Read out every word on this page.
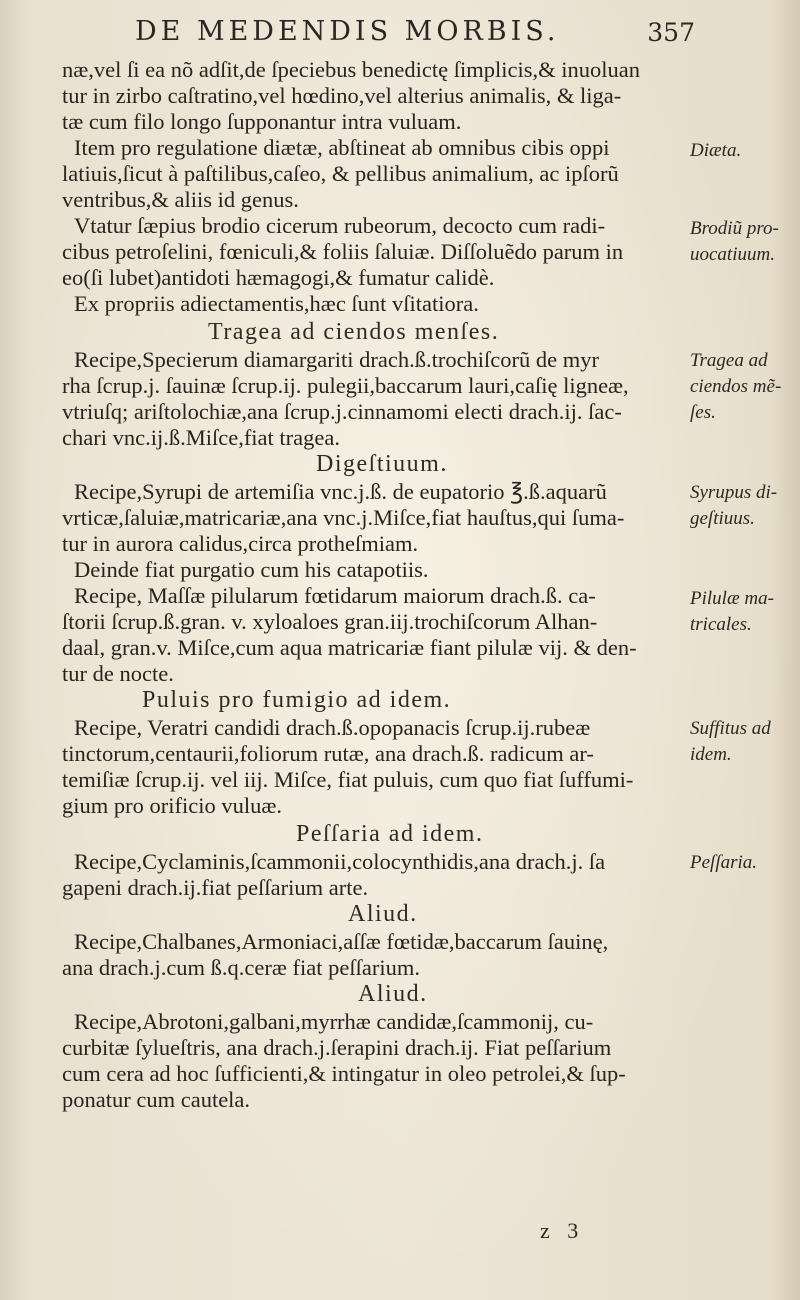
DE MEDENDIS MORBIS.	357
næ,vel ſi ea nõ adſit,de ſpeciebus benedictę ſimplicis,& inuoluan
tur in zirbo caſtratino,vel hœdino,vel alterius animalis, & liga-
tæ cum filo longo ſupponantur intra vuluam.
Item pro regulatione diætæ, abſtineat ab omnibus cibis oppi
latiuis,ſicut à paſtilibus,caſeo, & pellibus animalium, ac ipſorũ
ventribus,& aliis id genus.
Vtatur ſæpius brodio cicerum rubeorum, decocto cum radi-
cibus petroſelini, fœniculi,& foliis ſaluiæ. Diſſoluẽdo parum in
eo(ſi lubet)antidoti hæmagogi,& fumatur calidè.
Ex propriis adiectamentis,hæc ſunt vſitatiora.
Tragea ad ciendos menſes.
Recipe,Specierum diamargariti drach.ß.trochiſcorũ de myr
rha ſcrup.j. ſauinæ ſcrup.ij. pulegii,baccarum lauri,caſię ligneæ,
vtriuſq; ariſtolochiæ,ana ſcrup.j.cinnamomi electi drach.ij. ſac-
chari vnc.ij.ß.Miſce,fiat tragea.
Digeſtiuum.
Recipe,Syrupi de artemiſia vnc.j.ß. de eupatorio ℥.ß.aquarũ
vrticæ,ſaluiæ,matricariæ,ana vnc.j.Miſce,fiat hauſtus,qui ſuma-
tur in aurora calidus,circa protheſmiam.
Deinde fiat purgatio cum his catapotiis.
Recipe, Maſſæ pilularum fœtidarum maiorum drach.ß. ca-
ſtorii ſcrup.ß.gran. v. xyloaloes gran.iij.trochiſcorum Alhan-
daal, gran.v. Miſce,cum aqua matricariæ fiant pilulæ vij. & den-
tur de nocte.
Puluis pro fumigio ad idem.
Recipe, Veratri candidi drach.ß.opopanacis ſcrup.ij.rubeæ
tinctorum,centaurii,foliorum rutæ, ana drach.ß. radicum ar-
temiſiæ ſcrup.ij. vel iij. Miſce, fiat puluis, cum quo fiat ſuffumi-
gium pro orificio vuluæ.
Peſſaria ad idem.
Recipe,Cyclaminis,ſcammonii,colocynthidis,ana drach.j. ſa
gapeni drach.ij.fiat peſſarium arte.
Aliud.
Recipe,Chalbanes,Armoniaci,aſſæ fœtidæ,baccarum ſauinę,
ana drach.j.cum ß.q.ceræ fiat peſſarium.
Aliud.
Recipe,Abrotoni,galbani,myrrhæ candidæ,ſcammonij, cu-
curbitæ ſylueſtris, ana drach.j.ſerapini drach.ij. Fiat peſſarium
cum cera ad hoc ſufficienti,& intingatur in oleo petrolei,& ſup-
ponatur cum cautela.
Diæta.
Brodiũ pro-
uocatiuum.
Tragea ad
ciendos mẽ-
ſes.
Syrupus di-
geſtiuus.
Pilulæ ma-
tricales.
Suffitus ad
idem.
Peſſaria.
z 3
